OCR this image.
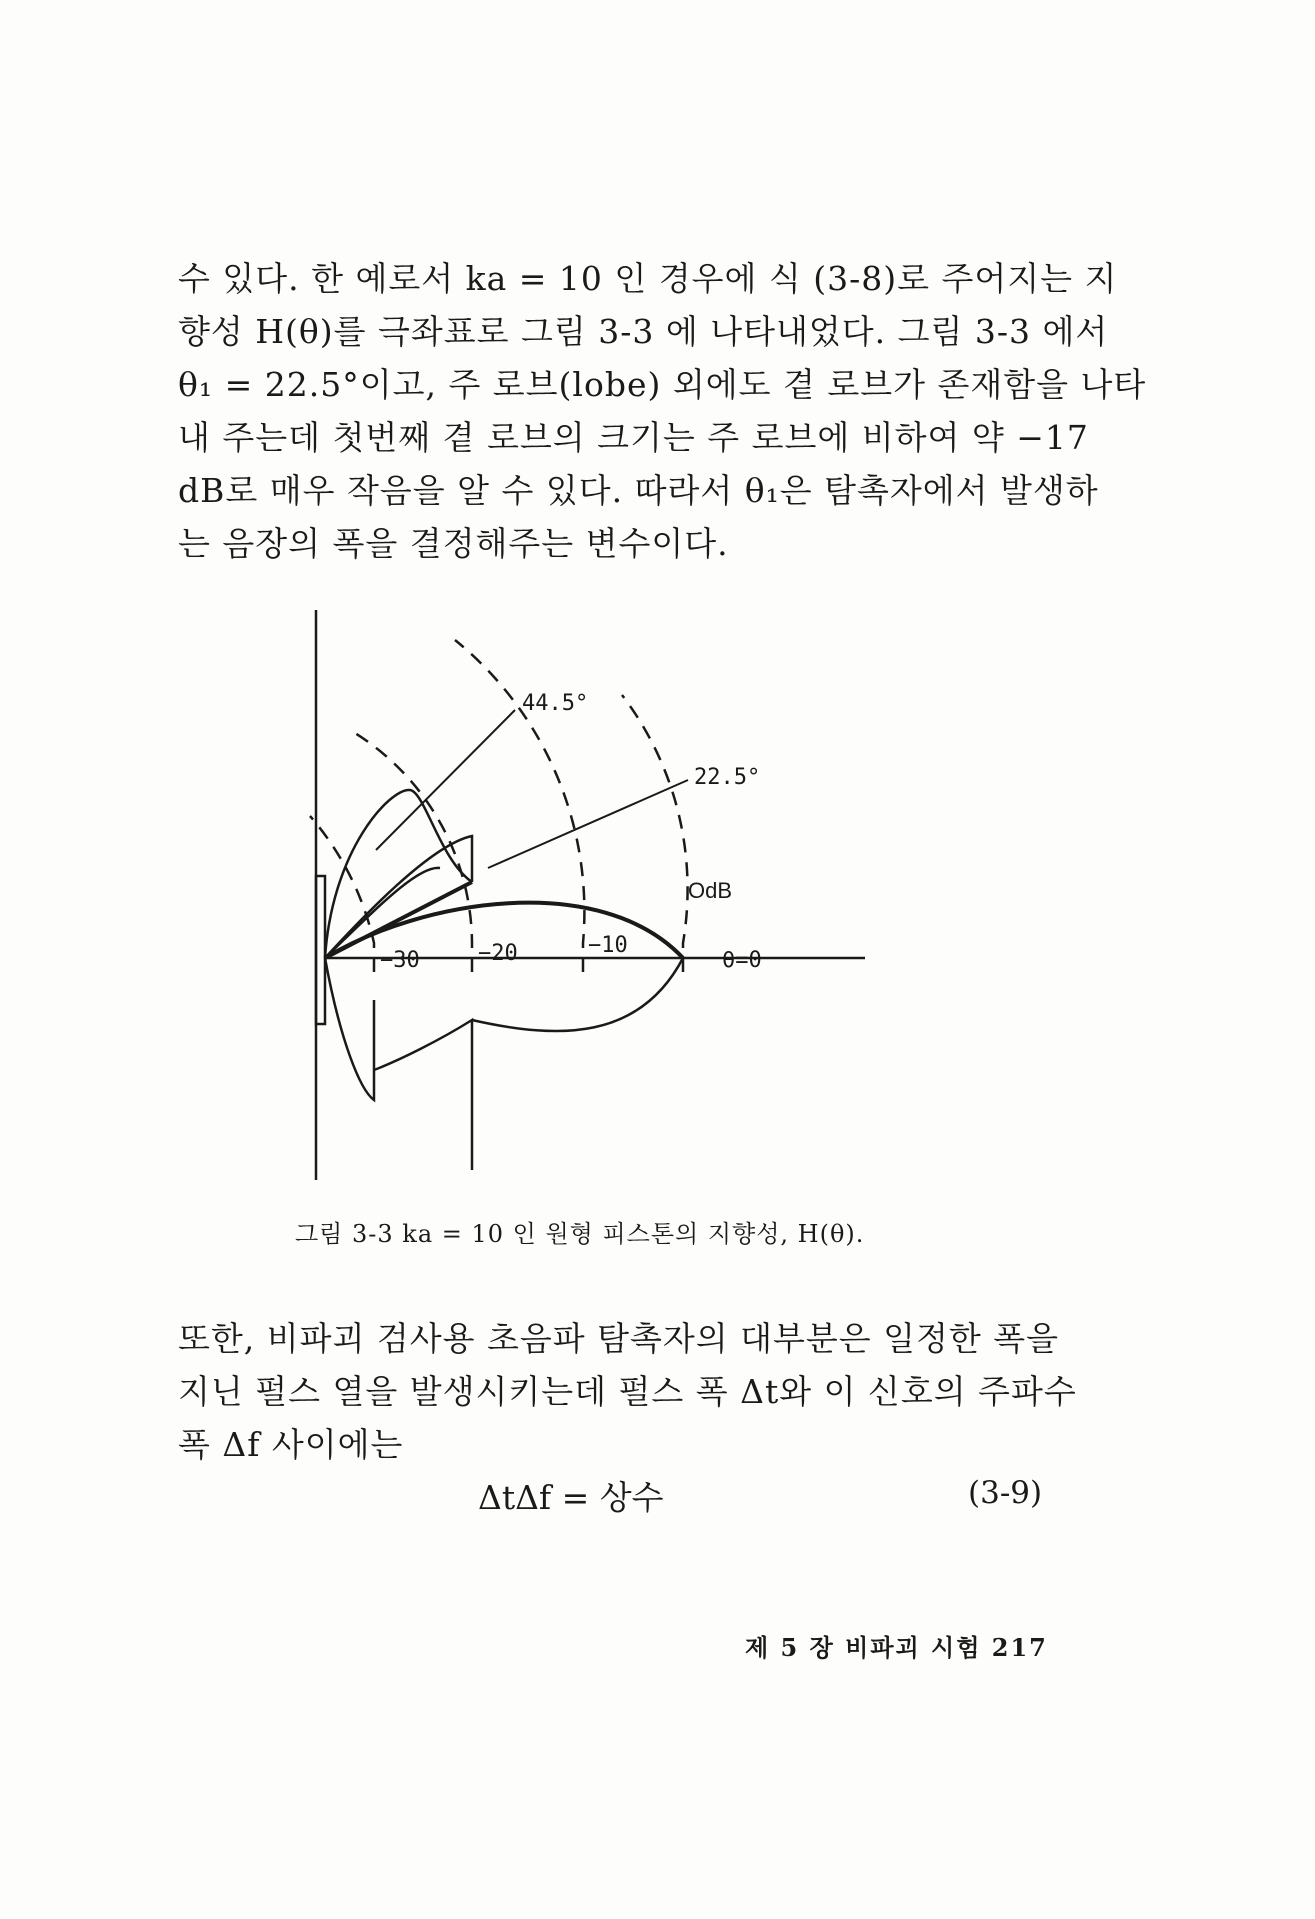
수 있다. 한 예로서 ka = 10 인 경우에 식 (3-8)로 주어지는 지
향성 H(θ)를 극좌표로 그림 3-3 에 나타내었다. 그림 3-3 에서
θ₁ = 22.5°이고, 주 로브(lobe) 외에도 곁 로브가 존재함을 나타
내 주는데 첫번째 곁 로브의 크기는 주 로브에 비하여 약 −17
dB로 매우 작음을 알 수 있다. 따라서 θ₁은 탐촉자에서 발생하
는 음장의 폭을 결정해주는 변수이다.

44.5°
22.5°
OdB
−10
−20
−30	θ=0
그림 3-3 ka = 10 인 원형 피스톤의 지향성, H(θ).

또한, 비파괴 검사용 초음파 탐촉자의 대부분은 일정한 폭을
지닌 펄스 열을 발생시키는데 펄스 폭 Δt와 이 신호의 주파수
폭 Δf 사이에는

ΔtΔf = 상수	(3-9)
제 5 장 비파괴 시험 217
